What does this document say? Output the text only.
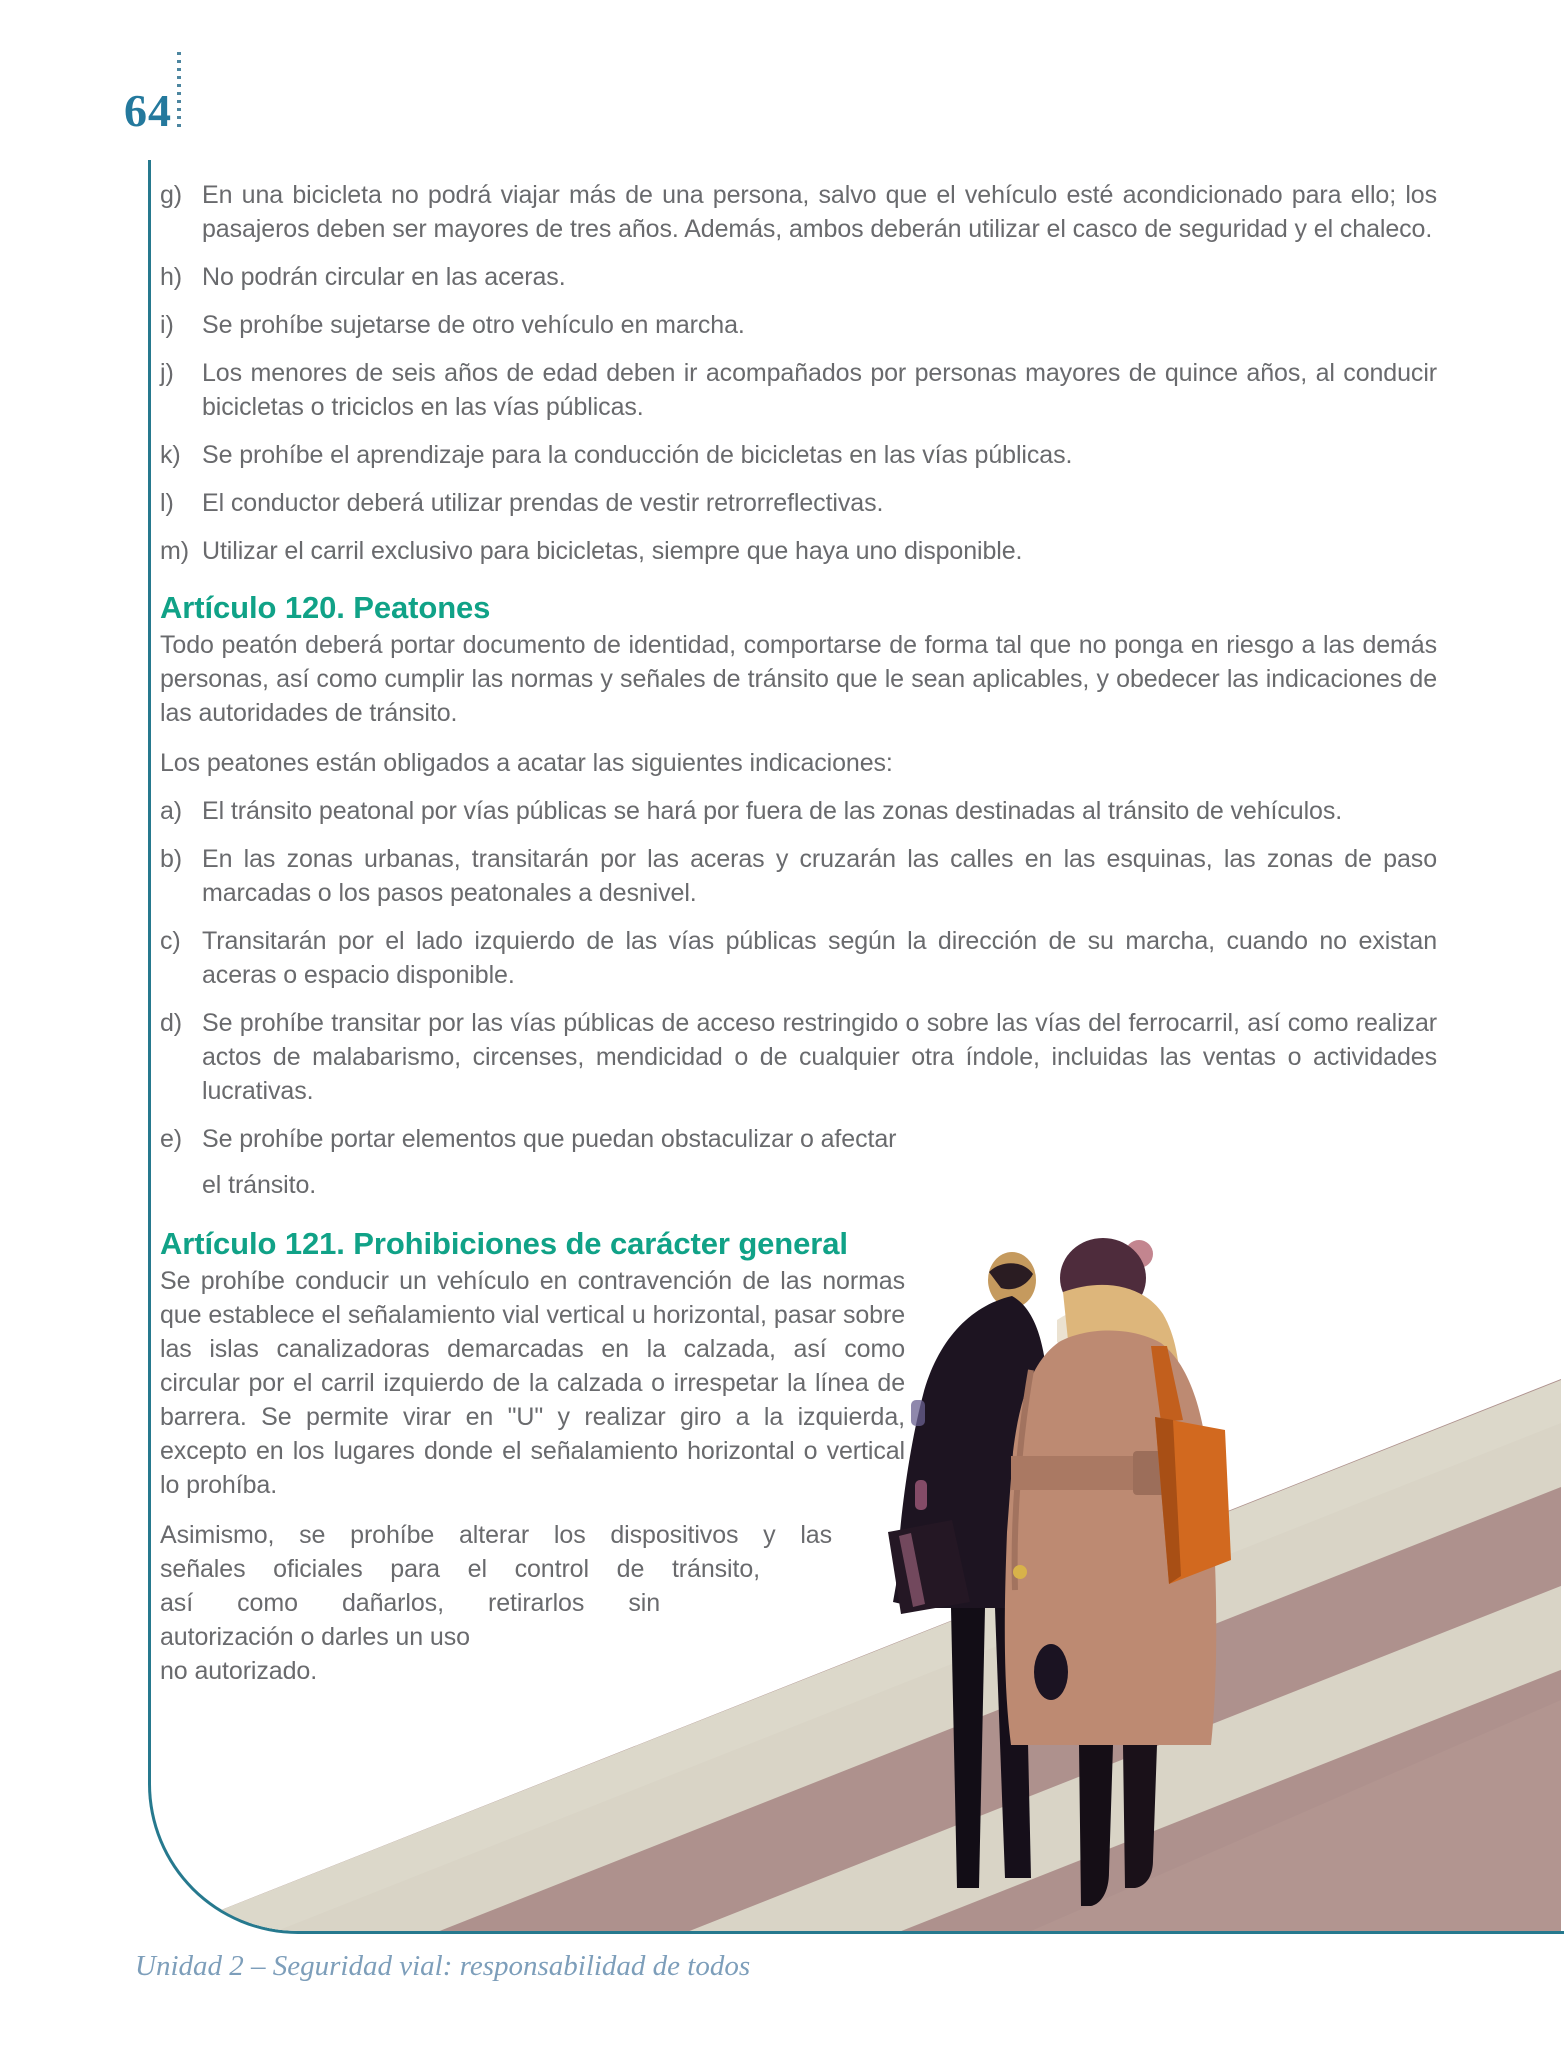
64
g) En una bicicleta no podrá viajar más de una persona, salvo que el vehículo esté acondicionado para ello; los pasajeros deben ser mayores de tres años. Además, ambos deberán utilizar el casco de seguridad y el chaleco.
h) No podrán circular en las aceras.
i) Se prohíbe sujetarse de otro vehículo en marcha.
j) Los menores de seis años de edad deben ir acompañados por personas mayores de quince años, al conducir bicicletas o triciclos en las vías públicas.
k) Se prohíbe el aprendizaje para la conducción de bicicletas en las vías públicas.
l) El conductor deberá utilizar prendas de vestir retrorreflectivas.
m) Utilizar el carril exclusivo para bicicletas, siempre que haya uno disponible.
Artículo 120. Peatones

Todo peatón deberá portar documento de identidad, comportarse de forma tal que no ponga en riesgo a las demás personas, así como cumplir las normas y señales de tránsito que le sean aplicables, y obedecer las indicaciones de las autoridades de tránsito.

Los peatones están obligados a acatar las siguientes indicaciones:

a) El tránsito peatonal por vías públicas se hará por fuera de las zonas destinadas al tránsito de vehículos.
b) En las zonas urbanas, transitarán por las aceras y cruzarán las calles en las esquinas, las zonas de paso marcadas o los pasos peatonales a desnivel.
c) Transitarán por el lado izquierdo de las vías públicas según la dirección de su marcha, cuando no existan aceras o espacio disponible.
d) Se prohíbe transitar por las vías públicas de acceso restringido o sobre las vías del ferrocarril, así como realizar actos de malabarismo, circenses, mendicidad o de cualquier otra índole, incluidas las ventas o actividades lucrativas.
e) Se prohíbe portar elementos que puedan obstaculizar o afectar
el tránsito.
Artículo 121. Prohibiciones de carácter general

Se prohíbe conducir un vehículo en contravención de las normas que establece el señalamiento vial vertical u horizontal, pasar sobre las islas canalizadoras demarcadas en la calzada, así como circular por el carril izquierdo de la calzada o irrespetar la línea de barrera. Se permite virar en "U" y realizar giro a la izquierda, excepto en los lugares donde el señalamiento horizontal o vertical lo prohíba.

Asimismo, se prohíbe alterar los dispositivos y las
señales oficiales para el control de tránsito,
así como dañarlos, retirarlos sin
autorización o darles un uso
no autorizado.
Unidad 2 – Seguridad vial: responsabilidad de todos
